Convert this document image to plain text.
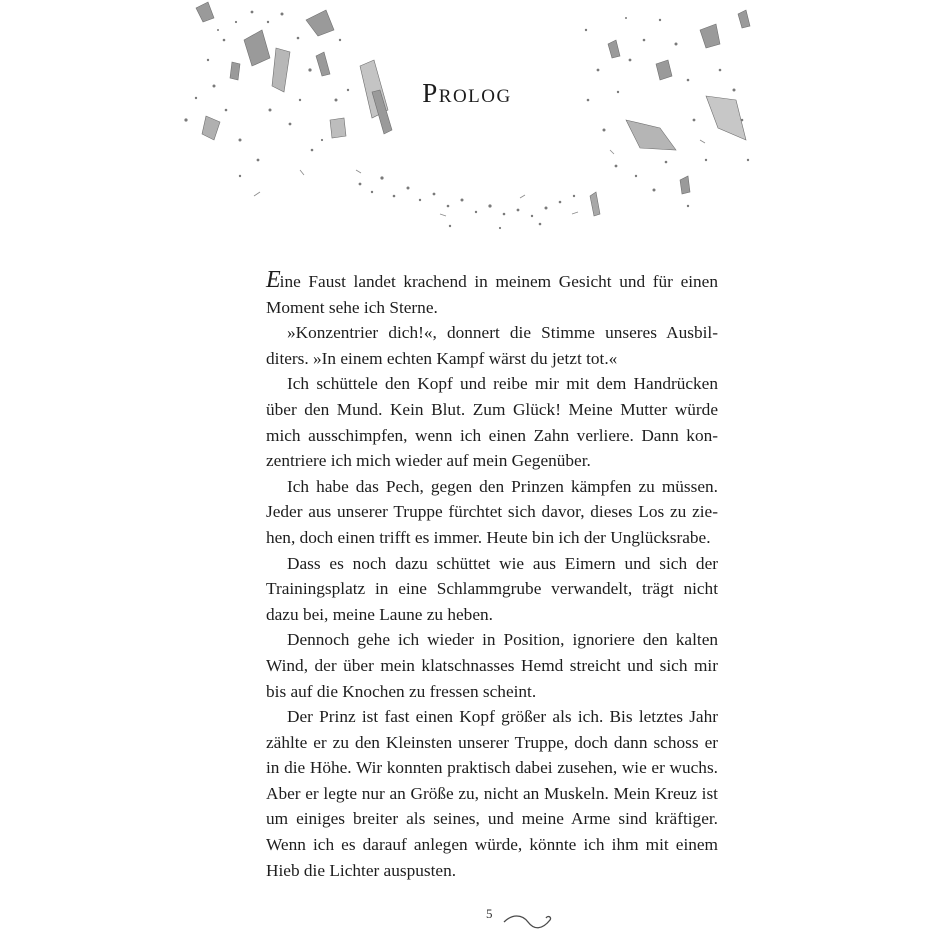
Prolog

Eine Faust landet krachend in meinem Gesicht und für einen Moment sehe ich Sterne.

»Konzentrier dich!«, donnert die Stimme unseres Ausbilditers. »In einem echten Kampf wärst du jetzt tot.«

Ich schüttele den Kopf und reibe mir mit dem Handrücken über den Mund. Kein Blut. Zum Glück! Meine Mutter würde mich ausschimpfen, wenn ich einen Zahn verliere. Dann konzentriere ich mich wieder auf mein Gegenüber.

Ich habe das Pech, gegen den Prinzen kämpfen zu müssen. Jeder aus unserer Truppe fürchtet sich davor, dieses Los zu ziehen, doch einen trifft es immer. Heute bin ich der Unglücksrabe.

Dass es noch dazu schüttet wie aus Eimern und sich der Trainingsplatz in eine Schlammgrube verwandelt, trägt nicht dazu bei, meine Laune zu heben.

Dennoch gehe ich wieder in Position, ignoriere den kalten Wind, der über mein klatschnasses Hemd streicht und sich mir bis auf die Knochen zu fressen scheint.

Der Prinz ist fast einen Kopf größer als ich. Bis letztes Jahr zählte er zu den Kleinsten unserer Truppe, doch dann schoss er in die Höhe. Wir konnten praktisch dabei zusehen, wie er wuchs. Aber er legte nur an Größe zu, nicht an Muskeln. Mein Kreuz ist um einiges breiter als seines, und meine Arme sind kräftiger. Wenn ich es darauf anlegen würde, könnte ich ihm mit einem Hieb die Lichter auspusten.

5
